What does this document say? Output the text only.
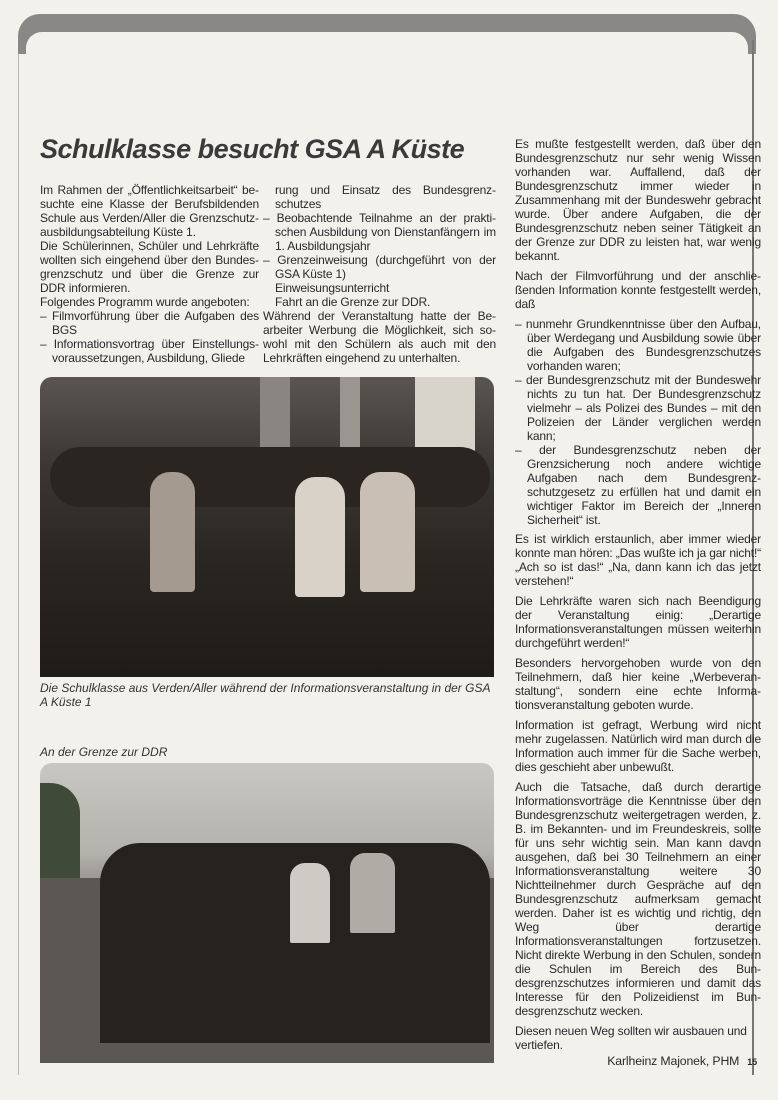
Schulklasse besucht GSA A Küste

Im Rahmen der „Öffentlichkeitsarbeit“ besuchte eine Klasse der Berufsbildenden Schule aus Verden/Aller die Grenzschutzausbildungsabteilung Küste 1.

Die Schülerinnen, Schüler und Lehrkräfte wollten sich eingehend über den Bundesgrenzschutz und über die Grenze zur DDR informieren.

Folgendes Programm wurde angeboten:

– Filmvorführung über die Aufgaben des BGS
– Informationsvortrag über Einstellungsvoraussetzungen, Ausbildung, Gliede

rung und Einsatz des Bundesgrenzschutzes

– Beobachtende Teilnahme an der praktischen Ausbildung von Dienstanfängern im 1. Ausbildungsjahr
– Grenzeinweisung (durchgeführt von der GSA Küste 1)

Einweisungsunterricht

Fahrt an die Grenze zur DDR.

Während der Veranstaltung hatte der Bearbeiter Werbung die Möglichkeit, sich sowohl mit den Schülern als auch mit den Lehrkräften eingehend zu unterhalten.

Die Schulklasse aus Verden/Aller während der Informationsveranstaltung in der GSA A Küste 1
An der Grenze zur DDR

Es mußte festgestellt werden, daß über den Bundesgrenzschutz nur sehr wenig Wissen vorhanden war. Auffallend, daß der Bundesgrenzschutz immer wieder in Zusammenhang mit der Bundeswehr gebracht wurde. Über andere Aufgaben, die der Bundesgrenzschutz neben seiner Tätigkeit an der Grenze zur DDR zu leisten hat, war wenig bekannt.

Nach der Filmvorführung und der anschließenden Information konnte festgestellt werden, daß

– nunmehr Grundkenntnisse über den Aufbau, über Werdegang und Ausbildung sowie über die Aufgaben des Bundesgrenzschutzes vorhanden waren;
– der Bundesgrenzschutz mit der Bundeswehr nichts zu tun hat. Der Bundesgrenzschutz vielmehr – als Polizei des Bundes – mit den Polizeien der Länder verglichen werden kann;
– der Bundesgrenzschutz neben der Grenzsicherung noch andere wichtige Aufgaben nach dem Bundesgrenzschutzgesetz zu erfüllen hat und damit ein wichtiger Faktor im Bereich der „Inneren Sicherheit“ ist.

Es ist wirklich erstaunlich, aber immer wieder konnte man hören: „Das wußte ich ja gar nicht!“ „Ach so ist das!“ „Na, dann kann ich das jetzt verstehen!“

Die Lehrkräfte waren sich nach Beendigung der Veranstaltung einig: „Derartige Informationsveranstaltungen müssen weiterhin durchgeführt werden!“

Besonders hervorgehoben wurde von den Teilnehmern, daß hier keine „Werbeveranstaltung“, sondern eine echte Informationsveranstaltung geboten wurde.

Information ist gefragt, Werbung wird nicht mehr zugelassen. Natürlich wird man durch die Information auch immer für die Sache werben, dies geschieht aber unbewußt.

Auch die Tatsache, daß durch derartige Informationsvorträge die Kenntnisse über den Bundesgrenzschutz weitergetragen werden, z. B. im Bekannten- und im Freundeskreis, sollte für uns sehr wichtig sein. Man kann davon ausgehen, daß bei 30 Teilnehmern an einer Informationsveranstaltung weitere 30 Nichtteilnehmer durch Gespräche auf den Bundesgrenzschutz aufmerksam gemacht werden. Daher ist es wichtig und richtig, den Weg über derartige Informationsveranstaltungen fortzusetzen. Nicht direkte Werbung in den Schulen, sondern die Schulen im Bereich des Bundesgrenzschutzes informieren und damit das Interesse für den Polizeidienst im Bundesgrenzschutz wecken.

Diesen neuen Weg sollten wir ausbauen und vertiefen.

Karlheinz Majonek, PHM 15
